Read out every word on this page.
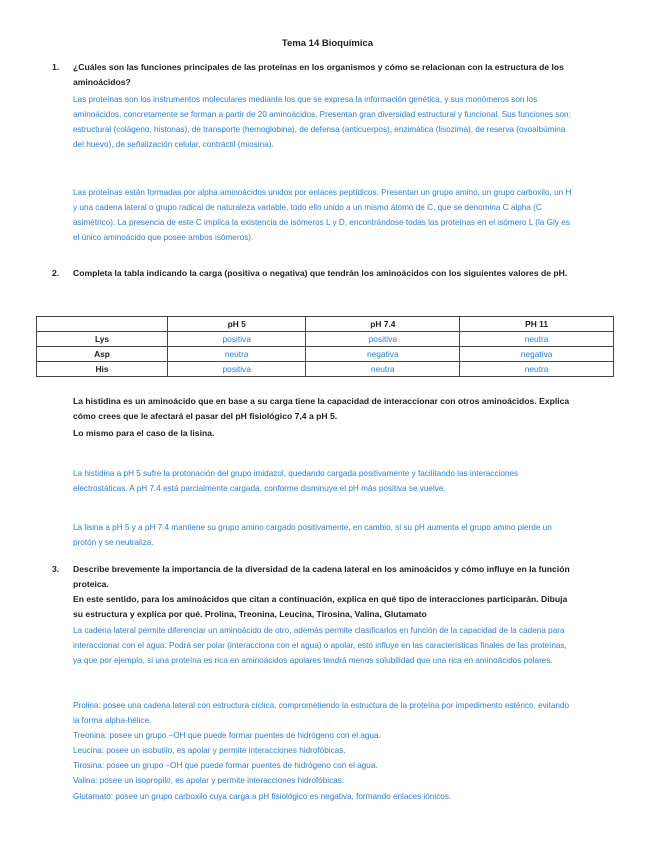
Tema 14 Bioquímica
1. ¿Cuáles son las funciones principales de las proteínas en los organismos y cómo se relacionan con la estructura de los aminoácidos?
Las proteínas son los instrumentos moleculares mediante los que se expresa la información genética, y sus monómeros son los aminoácidos, concretamente se forman a partir de 20 aminoácidos. Presentan gran diversidad estructural y funcional. Sus funciones son: estructural (colágeno, histonas), de transporte (hemoglobina), de defensa (anticuerpos), enzimática (lisozima), de reserva (ovoalbúmina del huevo), de señalización celular, contráctil (miosina).
Las proteínas están formadas por alpha aminoácidos unidos por enlaces peptídicos. Presentan un grupo amino, un grupo carboxilo, un H y una cadena lateral o grupo radical de naturaleza variable, todo ello unido a un mismo átomo de C, que se denomina C alpha (C asimétrico). La presencia de este C implica la existencia de isómeros L y D, encontrándose todas las proteínas en el isómero L (la Gly es el único aminoácido que posee ambos isómeros).
2. Completa la tabla indicando la carga (positiva o negativa) que tendrán los aminoácidos con los siguientes valores de pH.
	pH 5	pH 7.4	PH 11
Lys	positiva	positiva	neutra
Asp	neutra	negativa	negativa
His	positiva	neutra	neutra
La histidina es un aminoácido que en base a su carga tiene la capacidad de interaccionar con otros aminoácidos. Explica cómo crees que le afectará el pasar del pH fisiológico 7,4 a pH 5.
Lo mismo para el caso de la lisina.
La histidina a pH 5 sufre la protonación del grupo imidazol, quedando cargada positivamente y facilitando las interacciones electrostáticas. A pH 7.4 está parcialmente cargada, conforme disminuye el pH más positiva se vuelve.
La lisina a pH 5 y a pH 7.4 mantiene su grupo amino cargado positivamente, en cambio, si su pH aumenta el grupo amino pierde un protón y se neutraliza.
3. Describe brevemente la importancia de la diversidad de la cadena lateral en los aminoácidos y cómo influye en la función proteica.
En este sentido, para los aminoácidos que citan a continuación, explica en qué tipo de interacciones participarán. Dibuja su estructura y explica por qué. Prolina, Treonina, Leucina, Tirosina, Valina, Glutamato
La cadena lateral permite diferenciar un aminoácido de otro, además permite clasificarlos en función de la capacidad de la cadena para interaccionar con el agua. Podrá ser polar (interacciona con el agua) o apolar, esto influye en las características finales de las proteínas, ya que por ejemplo, si una proteína es rica en aminoácidos apolares tendrá menos solubilidad que una rica en aminoácidos polares.
Prolina: posee una cadena lateral con estructura cíclica, comprometiendo la estructura de la proteína por impedimento estérico, evitando la forma alpha-hélice.
Treonina: posee un grupo –OH que puede formar puentes de hidrógeno con el agua.
Leucina: posee un isobutilo, es apolar y permite interacciones hidrofóbicas.
Tirosina: posee un grupo –OH que puede formar puentes de hidrógeno con el agua.
Valina: posee un isopropilo, es apolar y permite interacciones hidrofóbicas.
Glutamato: posee un grupo carboxilo cuya carga a pH fisiológico es negativa, formando enlaces iónicos.
